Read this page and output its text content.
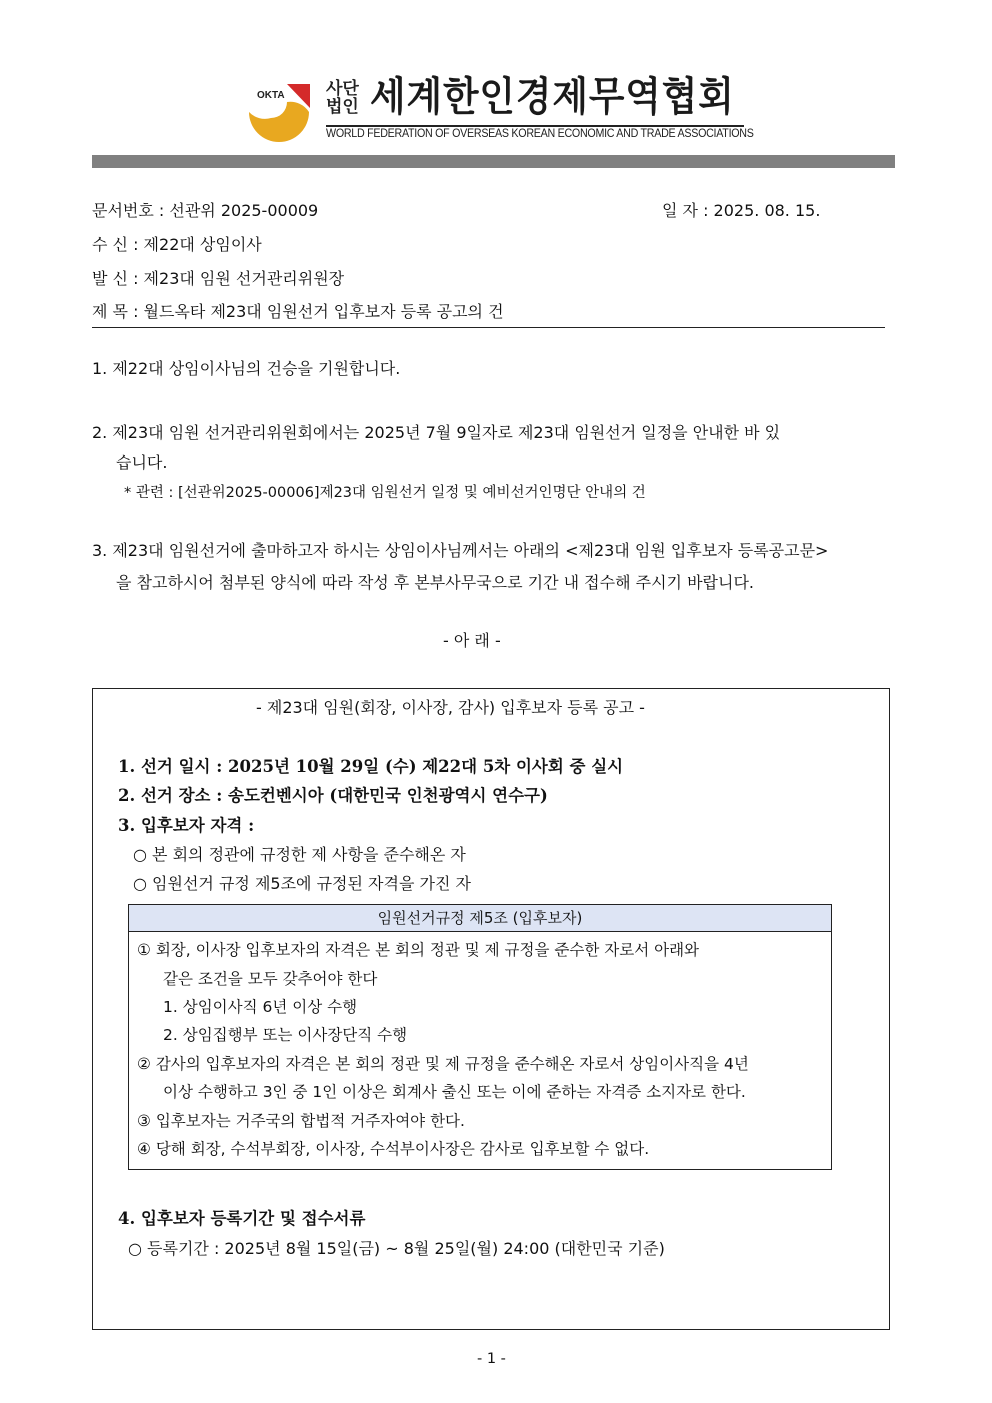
OKTA 사단
법인 세계한인경제무역협회
WORLD FEDERATION OF OVERSEAS KOREAN ECONOMIC AND TRADE ASSOCIATIONS
문서번호 : 선관위 2025-00009	일 자 : 2025. 08. 15.
수 신 : 제22대 상임이사
발 신 : 제23대 임원 선거관리위원장
제 목 : 월드옥타 제23대 임원선거 입후보자 등록 공고의 건
1. 제22대 상임이사님의 건승을 기원합니다.
2. 제23대 임원 선거관리위원회에서는 2025년 7월 9일자로 제23대 임원선거 일정을 안내한 바 있
습니다.
* 관련 : [선관위2025-00006]제23대 임원선거 일정 및 예비선거인명단 안내의 건
3. 제23대 임원선거에 출마하고자 하시는 상임이사님께서는 아래의 <제23대 임원 입후보자 등록공고문>
을 참고하시어 첨부된 양식에 따라 작성 후 본부사무국으로 기간 내 접수해 주시기 바랍니다.
- 아 래 -
- 제23대 임원(회장, 이사장, 감사) 입후보자 등록 공고 -
1. 선거 일시 : 2025년 10월 29일 (수) 제22대 5차 이사회 중 실시
2. 선거 장소 : 송도컨벤시아 (대한민국 인천광역시 연수구)
3. 입후보자 자격 :
○ 본 회의 정관에 규정한 제 사항을 준수해온 자
○ 임원선거 규정 제5조에 규정된 자격을 가진 자
임원선거규정 제5조 (입후보자)
① 회장, 이사장 입후보자의 자격은 본 회의 정관 및 제 규정을 준수한 자로서 아래와
같은 조건을 모두 갖추어야 한다
1. 상임이사직 6년 이상 수행
2. 상임집행부 또는 이사장단직 수행
② 감사의 입후보자의 자격은 본 회의 정관 및 제 규정을 준수해온 자로서 상임이사직을 4년
이상 수행하고 3인 중 1인 이상은 회계사 출신 또는 이에 준하는 자격증 소지자로 한다.
③ 입후보자는 거주국의 합법적 거주자여야 한다.
④ 당해 회장, 수석부회장, 이사장, 수석부이사장은 감사로 입후보할 수 없다.
4. 입후보자 등록기간 및 접수서류
○ 등록기간 : 2025년 8월 15일(금) ~ 8월 25일(월) 24:00 (대한민국 기준)
- 1 -
